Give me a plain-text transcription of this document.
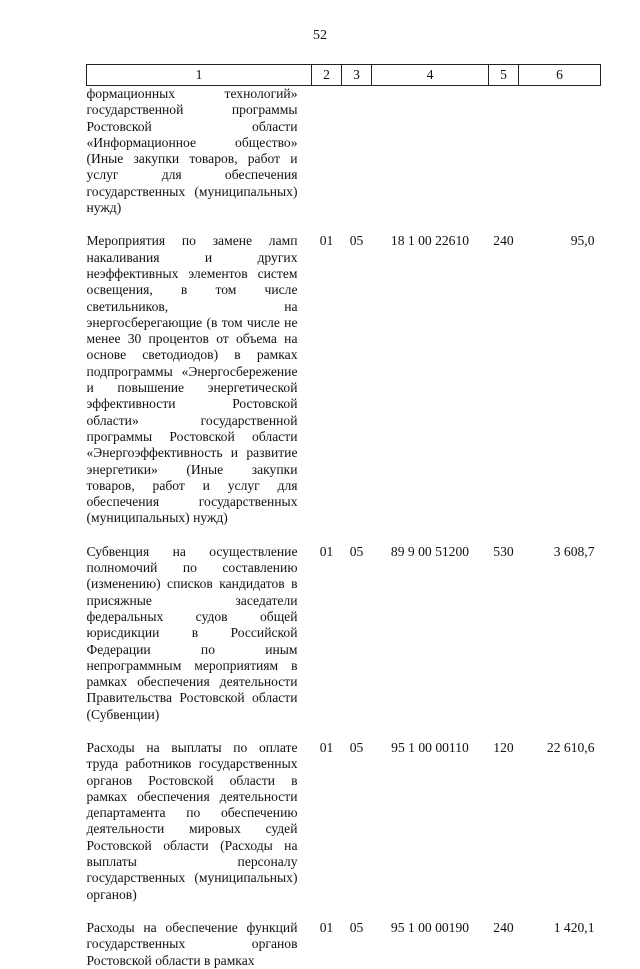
52
1	2	3	4	5	6
формационных технологий» государственной программы Ростовской области «Информационное общество» (Иные закупки товаров, работ и услуг для обеспечения государственных (муниципальных) нужд)					
Мероприятия по замене ламп накаливания и других неэффективных элементов систем освещения, в том числе светильников, на энергосберегающие (в том числе не менее 30 процентов от объема на основе светодиодов) в рамках подпрограммы «Энергосбережение и повышение энергетической эффективности Ростовской области» государственной программы Ростовской области «Энергоэффективность и развитие энергетики» (Иные закупки товаров, работ и услуг для обеспечения государственных (муниципальных) нужд)	01	05	18 1 00 22610	240	95,0
Субвенция на осуществление полномочий по составлению (изменению) списков кандидатов в присяжные заседатели федеральных судов общей юрисдикции в Российской Федерации по иным непрограммным мероприятиям в рамках обеспечения деятельности Правительства Ростовской области (Субвенции)	01	05	89 9 00 51200	530	3 608,7
Расходы на выплаты по оплате труда работников государственных органов Ростовской области в рамках обеспечения деятельности департамента по обеспечению деятельности мировых судей Ростовской области (Расходы на выплаты персоналу государственных (муниципальных) органов)	01	05	95 1 00 00110	120	22 610,6
Расходы на обеспечение функций государственных органов Ростовской области в рамках	01	05	95 1 00 00190	240	1 420,1
